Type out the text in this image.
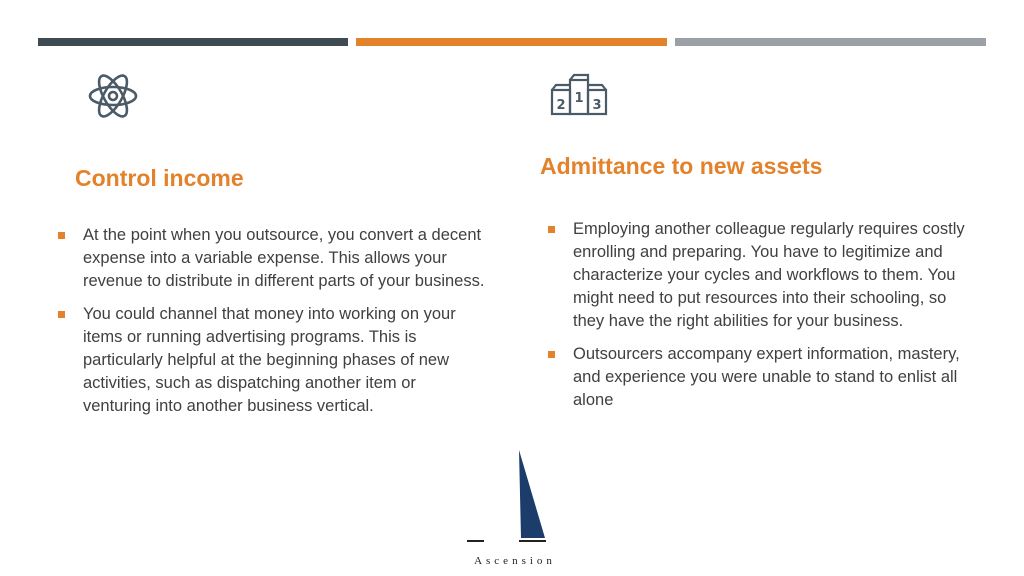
2 1 3
Control income	Admittance to new assets
At the point when you outsource, you convert a decent expense into a variable expense. This allows your revenue to distribute in different parts of your business.
You could channel that money into working on your items or running advertising programs. This is particularly helpful at the beginning phases of new activities, such as dispatching another item or venturing into another business vertical.
Employing another colleague regularly requires costly enrolling and preparing. You have to legitimize and characterize your cycles and workflows to them. You might need to put resources into their schooling, so they have the right abilities for your business.
Outsourcers accompany expert information, mastery, and experience you were unable to stand to enlist all alone
Ascension
